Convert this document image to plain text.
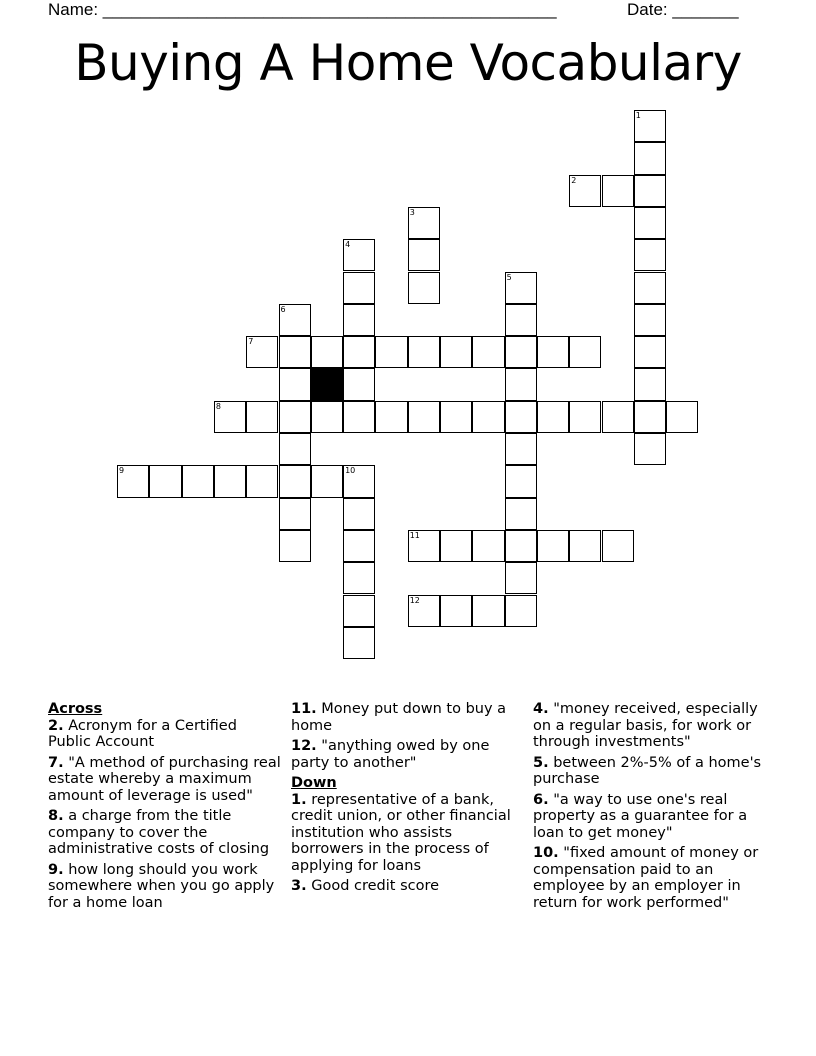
Name: ________________________________________________	Date: _______
Buying A Home Vocabulary
1
2
3
4
5
6
7
8
9	10
11
12
Across
2. Acronym for a Certified Public Account
7. "A method of purchasing real estate whereby a maximum amount of leverage is used"
8. a charge from the title company to cover the administrative costs of closing
9. how long should you work somewhere when you go apply for a home loan
11. Money put down to buy a home
12. "anything owed by one party to another"
Down
1. representative of a bank, credit union, or other financial institution who assists borrowers in the process of applying for loans
3. Good credit score
4. "money received, especially on a regular basis, for work or through investments"
5. between 2%-5% of a home's purchase
6. "a way to use one's real property as a guarantee for a loan to get money"
10. "fixed amount of money or compensation paid to an employee by an employer in return for work performed"
